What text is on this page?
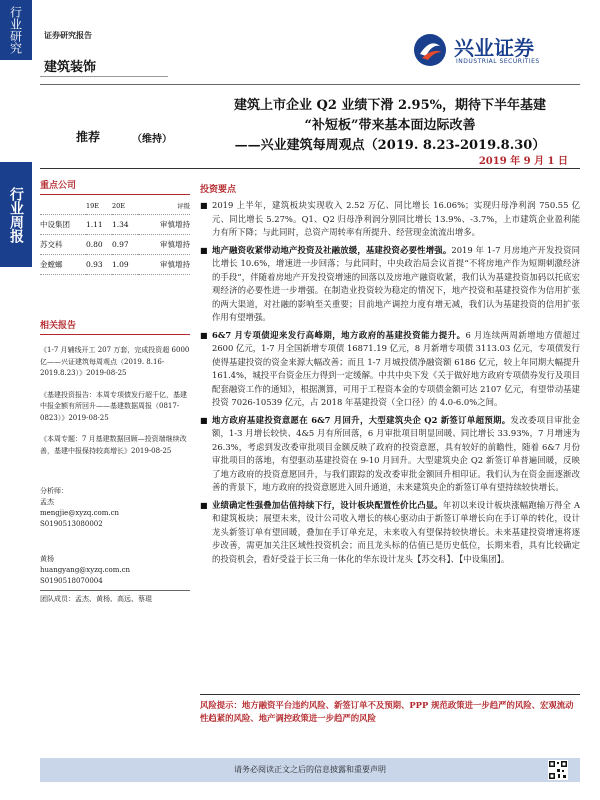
行业研究
行业周报
证券研究报告
建筑装饰
兴业证券
INDUSTRIAL SECURITIES
推荐	（维持）
建筑上市企业 Q2 业绩下滑 2.95%，期待下半年基建
“补短板”带来基本面边际改善
——兴业建筑每周观点（2019. 8.23-2019.8.30）
2019 年 9 月 1 日
重点公司
	19E	20E	评级
中设集团	1.11	1.34	审慎增持
苏交科	0.80	0.97	审慎增持
金螳螂	0.93	1.09	审慎增持
相关报告
《1-7 月辅线开工 207 万套，完成投资超 6000 亿——兴证建筑每周观点（2019. 8.16-2019.8.23）》2019-08-25
《基建投资报告：本周专项债发行超千亿，基建中报金额有所回升——基建数据周报（0817-0823）》2019-08-25
《本周专题：7 月基建数据回顾—投资端继续改善，基建中报保持较高增长》2019-08-25
分析师：
孟杰
mengjie@xyzq.com.cn
S0190513080002
黄杨
huangyang@xyzq.com.cn
S0190518070004
团队成员：孟杰、黄杨、高远、蔡琨
投资要点
■ 2019 上半年，建筑板块实现收入 2.52 万亿、同比增长 16.06%；实现归母净利润 750.55 亿元、同比增长 5.27%。Q1、Q2 归母净利润分别同比增长 13.9%、-3.7%，上市建筑企业盈利能力有所下降；与此同时，总资产周转率有所提升、经营现金流流出增多。
■ 地产融资收紧带动地产投资及社融放缓，基建投资必要性增强。2019 年 1-7 月房地产开发投资同比增长 10.6%，增速进一步回落；与此同时，中央政治局会议首提“不将房地产作为短期刺激经济的手段”，伴随着房地产开发投资增速的回落以及房地产融资收紧，我们认为基建投资加码以托底宏观经济的必要性进一步增强。在制造业投资较为稳定的情况下，地产投资和基建投资作为信用扩张的两大渠道，对社融的影响至关重要；目前地产调控力度有增无减，我们认为基建投资的信用扩张作用有望增强。
■ 6&7 月专项债迎来发行高峰期，地方政府的基建投资能力提升。6 月连续两周新增地方债超过 2600 亿元，1-7 月全国新增专项债 16871.19 亿元，8 月新增专项债 3113.03 亿元，专项债发行使得基建投资的资金来源大幅改善；而且 1-7 月城投债净融资额 6186 亿元，较上年同期大幅提升 161.4%，城投平台资金压力得到一定缓解。中共中央下发《关于做好地方政府专项债券发行及项目配套融资工作的通知》，根据测算，可用于工程资本金的专项债金额可达 2107 亿元，有望带动基建投资 7026-10539 亿元，占 2018 年基建投资（全口径）的 4.0-6.0%之间。
■ 地方政府基建投资意愿在 6&7 月回升，大型建筑央企 Q2 新签订单超预期。发改委项目审批金额，1-3 月增长较快、4&5 月有所回落，6 月审批项目明显回暖、同比增长 33.93%，7 月增速为 26.3%，考虑到发改委审批项目金额反映了政府的投资意愿，具有较好的前瞻性，随着 6&7 月份审批项目的落地，有望驱动基建投资在 9-10 月回升。大型建筑央企 Q2 新签订单普遍回暖，反映了地方政府的投资意愿回升，与我们跟踪的发改委审批金额回升相印证。我们认为在资金面逐渐改善的背景下，地方政府的投资意愿进入回升通道，未来建筑央企的新签订单有望持续较快增长。
■ 业绩确定性强叠加估值持续下行，设计板块配置性价比凸显。年初以来设计板块涨幅跑输万得全 A 和建筑板块；展望未来，设计公司收入增长的核心驱动由于新签订单增长向在手订单的转化，设计龙头新签订单有望回暖，叠加在手订单充足，未来收入有望保持较快增长。未来基建投资增速将逐步改善，需更加关注区域性投资机会；而且龙头标的估值已是历史低位，长期来看，具有比较确定的投资机会，看好受益于长三角一体化的华东设计龙头【苏交科】、【中设集团】。
风险提示：地方融资平台违约风险、新签订单不及预期、PPP 规范政策进一步趋严的风险、宏观流动性趋紧的风险、地产调控政策进一步趋严的风险
请务必阅读正文之后的信息披露和重要声明
